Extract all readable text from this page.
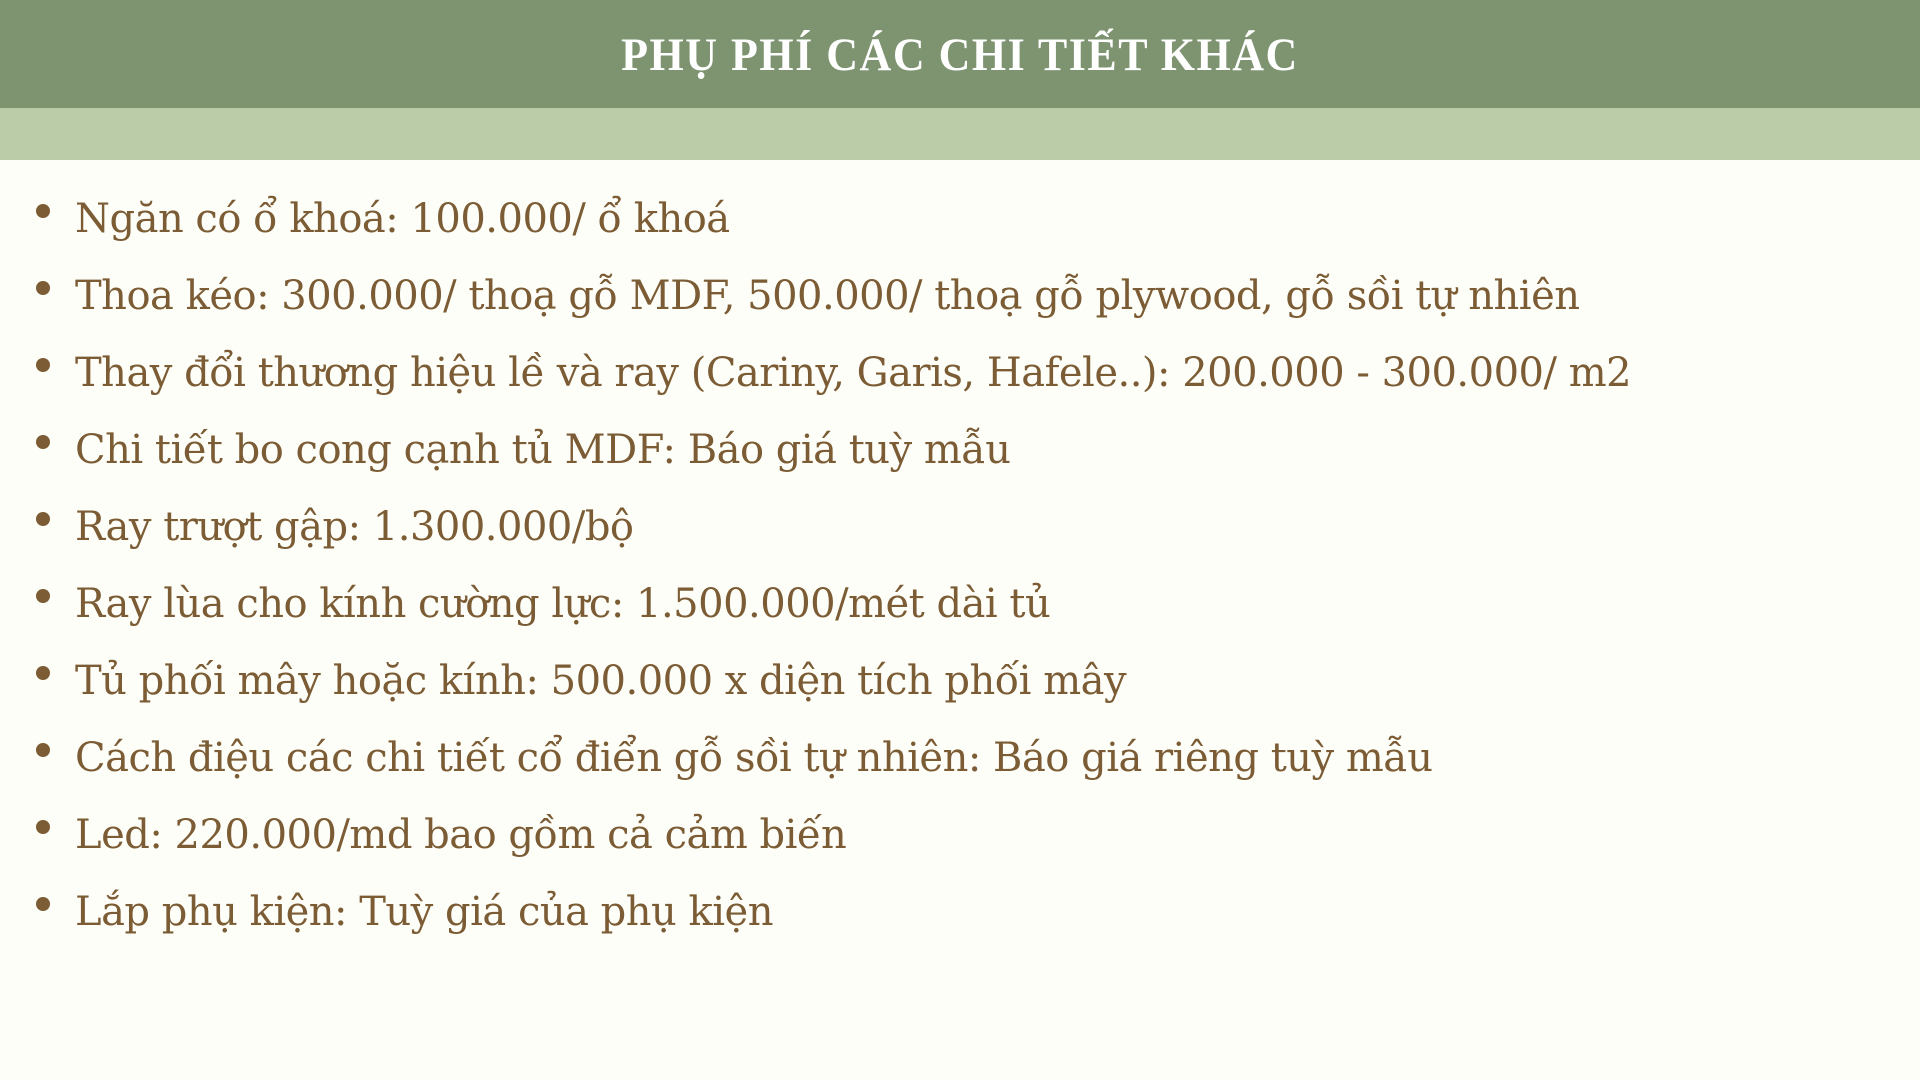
PHỤ PHÍ CÁC CHI TIẾT KHÁC
Ngăn có ổ khoá: 100.000/ ổ khoá
Thoa kéo: 300.000/ thoạ gỗ MDF, 500.000/ thoạ gỗ plywood, gỗ sồi tự nhiên
Thay đổi thương hiệu lề và ray (Cariny, Garis, Hafele..): 200.000 - 300.000/ m2
Chi tiết bo cong cạnh tủ MDF: Báo giá tuỳ mẫu
Ray trượt gập: 1.300.000/bộ
Ray lùa cho kính cường lực: 1.500.000/mét dài tủ
Tủ phối mây hoặc kính: 500.000 x diện tích phối mây
Cách điệu các chi tiết cổ điển gỗ sồi tự nhiên: Báo giá riêng tuỳ mẫu
Led: 220.000/md bao gồm cả cảm biến
Lắp phụ kiện: Tuỳ giá của phụ kiện
